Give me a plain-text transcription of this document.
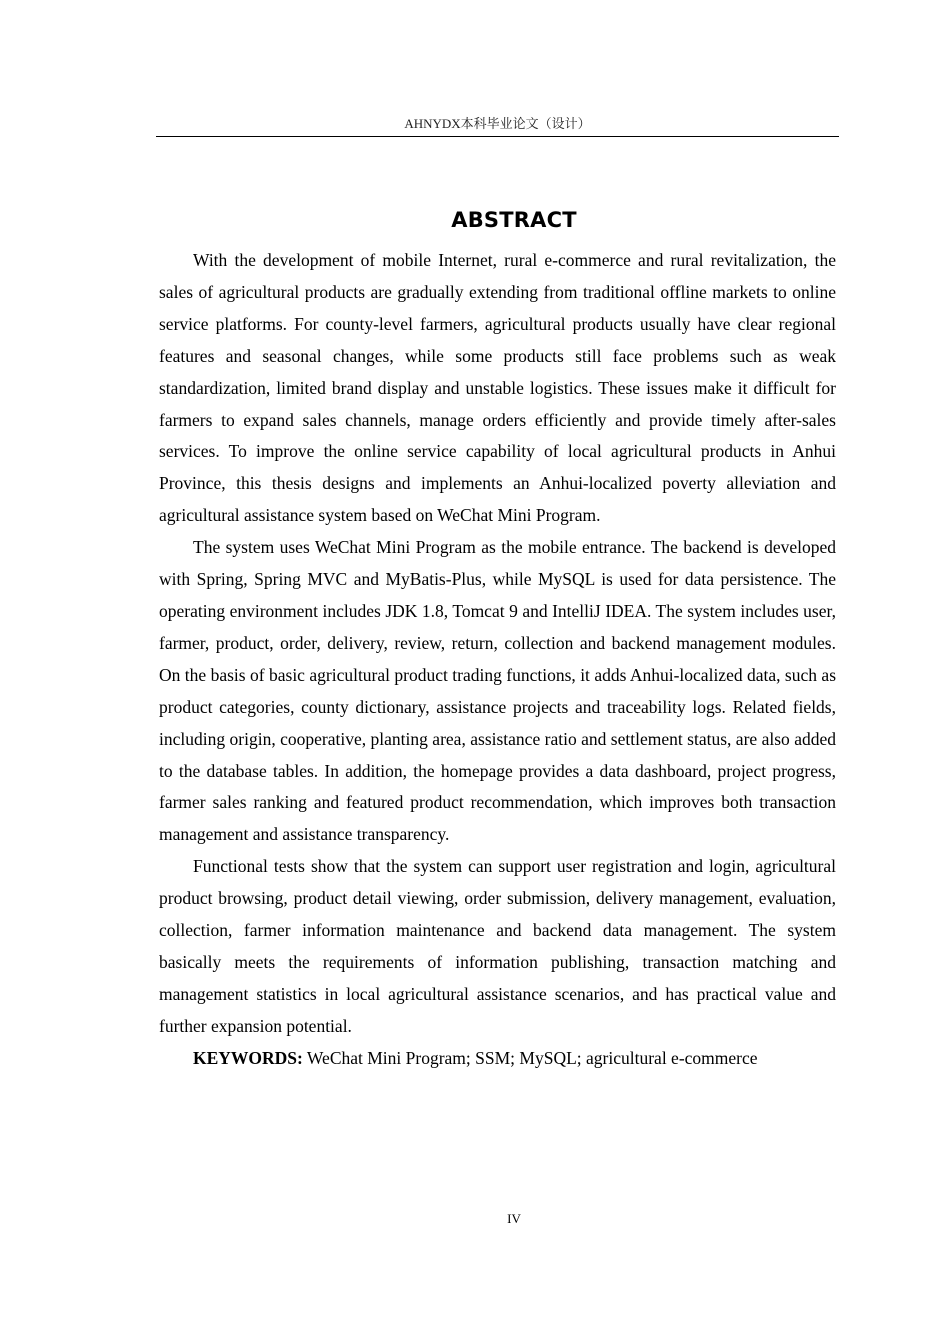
AHNYDX本科毕业论文（设计）
ABSTRACT

With the development of mobile Internet, rural e-commerce and rural revitalization, the sales of agricultural products are gradually extending from traditional offline markets to online service platforms. For county-level farmers, agricultural products usually have clear regional features and seasonal changes, while some products still face problems such as weak standardization, limited brand display and unstable logistics. These issues make it difficult for farmers to expand sales channels, manage orders efficiently and provide timely after-sales services. To improve the online service capability of local agricultural products in Anhui Province, this thesis designs and implements an Anhui-localized poverty alleviation and agricultural assistance system based on WeChat Mini Program.

The system uses WeChat Mini Program as the mobile entrance. The backend is developed with Spring, Spring MVC and MyBatis-Plus, while MySQL is used for data persistence. The operating environment includes JDK 1.8, Tomcat 9 and IntelliJ IDEA. The system includes user, farmer, product, order, delivery, review, return, collection and backend management modules. On the basis of basic agricultural product trading functions, it adds Anhui-localized data, such as product categories, county dictionary, assistance projects and traceability logs. Related fields, including origin, cooperative, planting area, assistance ratio and settlement status, are also added to the database tables. In addition, the homepage provides a data dashboard, project progress, farmer sales ranking and featured product recommendation, which improves both transaction management and assistance transparency.

Functional tests show that the system can support user registration and login, agricultural product browsing, product detail viewing, order submission, delivery management, evaluation, collection, farmer information maintenance and backend data management. The system basically meets the requirements of information publishing, transaction matching and management statistics in local agricultural assistance scenarios, and has practical value and further expansion potential.

KEYWORDS: WeChat Mini Program; SSM; MySQL; agricultural e-commerce

IV
